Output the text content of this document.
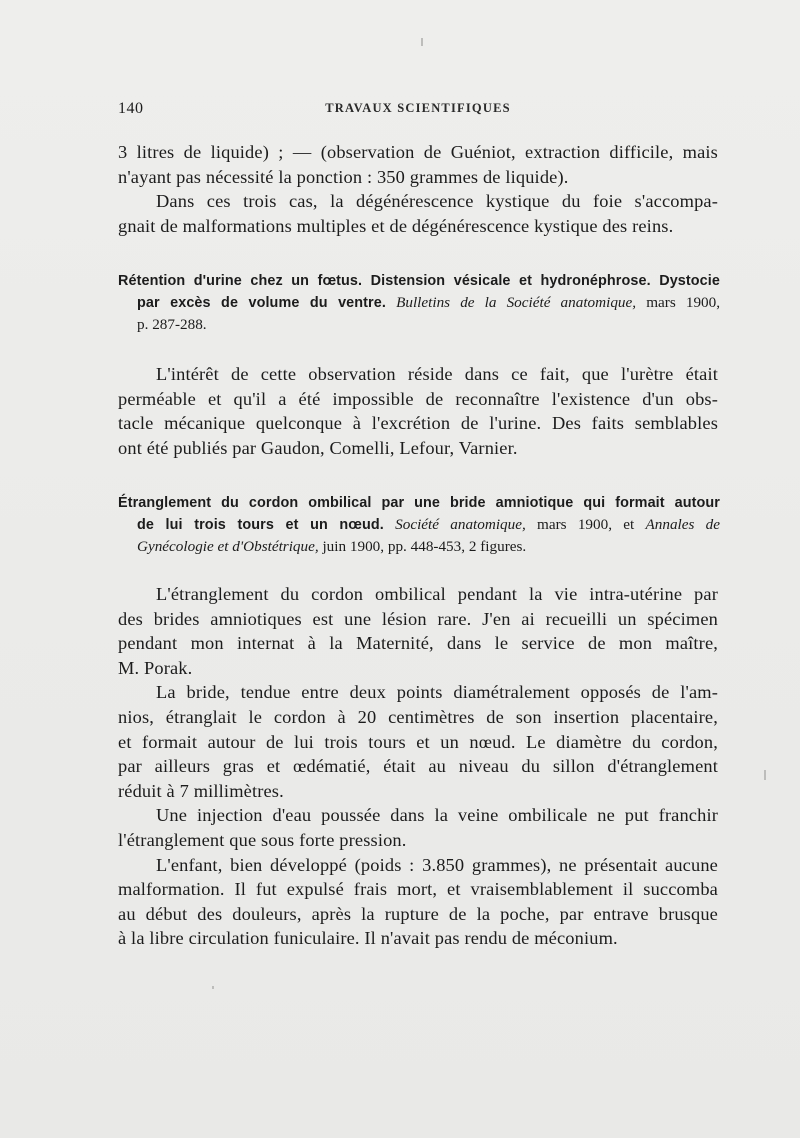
140	TRAVAUX SCIENTIFIQUES
3 litres de liquide) ; — (observation de Guéniot, extraction difficile, mais
n'ayant pas nécessité la ponction : 350 grammes de liquide).
Dans ces trois cas, la dégénérescence kystique du foie s'accompa-
gnait de malformations multiples et de dégénérescence kystique des reins.
Rétention d'urine chez un fœtus. Distension vésicale et hydronéphrose. Dystocie
par excès de volume du ventre. Bulletins de la Société anatomique, mars 1900,
p. 287-288.
L'intérêt de cette observation réside dans ce fait, que l'urètre était
perméable et qu'il a été impossible de reconnaître l'existence d'un obs-
tacle mécanique quelconque à l'excrétion de l'urine. Des faits semblables
ont été publiés par Gaudon, Comelli, Lefour, Varnier.
Étranglement du cordon ombilical par une bride amniotique qui formait autour
de lui trois tours et un nœud. Société anatomique, mars 1900, et Annales de
Gynécologie et d'Obstétrique, juin 1900, pp. 448-453, 2 figures.
L'étranglement du cordon ombilical pendant la vie intra-utérine par
des brides amniotiques est une lésion rare. J'en ai recueilli un spécimen
pendant mon internat à la Maternité, dans le service de mon maître,
M. Porak.
La bride, tendue entre deux points diamétralement opposés de l'am-
nios, étranglait le cordon à 20 centimètres de son insertion placentaire,
et formait autour de lui trois tours et un nœud. Le diamètre du cordon,
par ailleurs gras et œdématié, était au niveau du sillon d'étranglement
réduit à 7 millimètres.
Une injection d'eau poussée dans la veine ombilicale ne put franchir
l'étranglement que sous forte pression.
L'enfant, bien développé (poids : 3.850 grammes), ne présentait aucune
malformation. Il fut expulsé frais mort, et vraisemblablement il succomba
au début des douleurs, après la rupture de la poche, par entrave brusque
à la libre circulation funiculaire. Il n'avait pas rendu de méconium.
